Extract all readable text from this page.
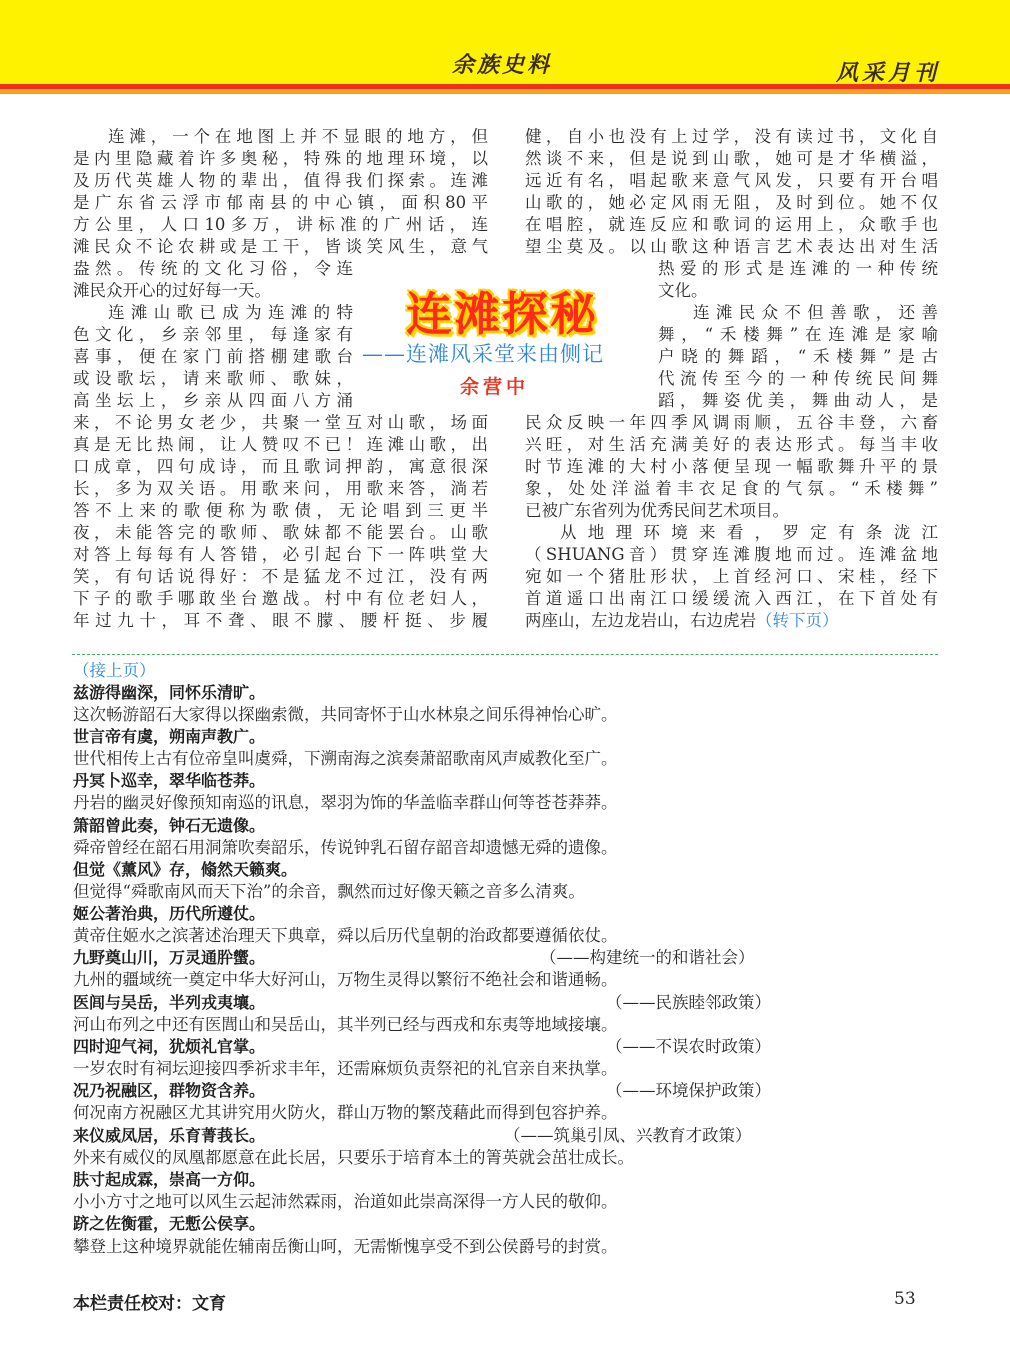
余族史料	风采月刊
连滩，一个在地图上并不显眼的地方，但
是内里隐藏着许多奥秘，特殊的地理环境，以
及历代英雄人物的辈出，值得我们探索。连滩
是广东省云浮市郁南县的中心镇，面积80平
方公里，人口10多万，讲标准的广州话，连
滩民众不论农耕或是工干，皆谈笑风生，意气
盎然。传统的文化习俗，令连
滩民众开心的过好每一天。
连滩山歌已成为连滩的特
色文化，乡亲邻里，每逢家有
喜事，便在家门前搭棚建歌台
或设歌坛，请来歌师、歌妹，
高坐坛上，乡亲从四面八方涌
来，不论男女老少，共聚一堂互对山歌，场面
真是无比热闹，让人赞叹不已！连滩山歌，出
口成章，四句成诗，而且歌词押韵，寓意很深
长，多为双关语。用歌来问，用歌来答，淌若
答不上来的歌便称为歌债，无论唱到三更半
夜，未能答完的歌师、歌妹都不能罢台。山歌
对答上每每有人答错，必引起台下一阵哄堂大
笑，有句话说得好：不是猛龙不过江，没有两
下子的歌手哪敢坐台邀战。村中有位老妇人，
年过九十，耳不聋、眼不朦、腰杆挺、步履
健，自小也没有上过学，没有读过书，文化自
然谈不来，但是说到山歌，她可是才华横溢，
远近有名，唱起歌来意气风发，只要有开台唱
山歌的，她必定风雨无阻，及时到位。她不仅
在唱腔，就连反应和歌词的运用上，众歌手也
望尘莫及。以山歌这种语言艺术表达出对生活
热爱的形式是连滩的一种传统
文化。
连滩民众不但善歌，还善
舞，“禾楼舞”在连滩是家喻
户晓的舞蹈，“禾楼舞”是古
代流传至今的一种传统民间舞
蹈，舞姿优美，舞曲动人，是
民众反映一年四季风调雨顺，五谷丰登，六畜
兴旺，对生活充满美好的表达形式。每当丰收
时节连滩的大村小落便呈现一幅歌舞升平的景
象，处处洋溢着丰衣足食的气氛。“禾楼舞”
已被广东省列为优秀民间艺术项目。
从地理环境来看，罗定有条泷江
（SHUANG音）贯穿连滩腹地而过。连滩盆地
宛如一个猪肚形状，上首经河口、宋桂，经下
首道遥口出南江口缓缓流入西江，在下首处有
两座山，左边龙岩山，右边虎岩（转下页）
连滩探秘
——连滩风采堂来由侧记
余营中
（接上页）
兹游得幽深，同怀乐清旷。
这次畅游韶石大家得以探幽索微，共同寄怀于山水林泉之间乐得神怡心旷。
世言帝有虞，朔南声教广。
世代相传上古有位帝皇叫虞舜，下溯南海之滨奏萧韶歌南风声威教化至广。
丹冥卜巡幸，翠华临苍莽。
丹岩的幽灵好像预知南巡的讯息，翠羽为饰的华盖临幸群山何等苍苍莽莽。
箫韶曾此奏，钟石无遗像。
舜帝曾经在韶石用洞箫吹奏韶乐，传说钟乳石留存韶音却遗憾无舜的遗像。
但觉《薰风》存，翛然天籁爽。
但觉得“舜歌南风而天下治”的余音，飘然而过好像天籁之音多么清爽。
姬公著治典，历代所遵仗。
黄帝住姬水之滨著述治理天下典章，舜以后历代皇朝的治政都要遵循依仗。
九野奠山川，万灵通肸蠁。
九州的疆域统一奠定中华大好河山，万物生灵得以繁衍不绝社会和谐通畅。
医闾与吴岳，半列戎夷壤。
河山布列之中还有医閭山和吴岳山，其半列已经与西戎和东夷等地域接壤。
四时迎气祠，犹烦礼官掌。
一岁农时有祠坛迎接四季祈求丰年，还需麻烦负责祭祀的礼官亲自来执掌。
况乃祝融区，群物资含养。
何况南方祝融区尤其讲究用火防火，群山万物的繁茂藉此而得到包容护养。
来仪威凤居，乐育菁莪长。
外来有威仪的凤凰都愿意在此长居，只要乐于培育本土的箐英就会茁壮成长。
肤寸起成霖，崇高一方仰。
小小方寸之地可以风生云起沛然霖雨，治道如此崇高深得一方人民的敬仰。
跻之佐衡霍，无慙公侯享。
攀登上这种境界就能佐辅南岳衡山呵，无需惭愧享受不到公侯爵号的封赏。
（——构建统一的和谐社会）
（——民族睦邻政策）
（——不误农时政策）
（——环境保护政策）
（——筑巢引凤、兴教育才政策）
本栏责任校对：文育	53
